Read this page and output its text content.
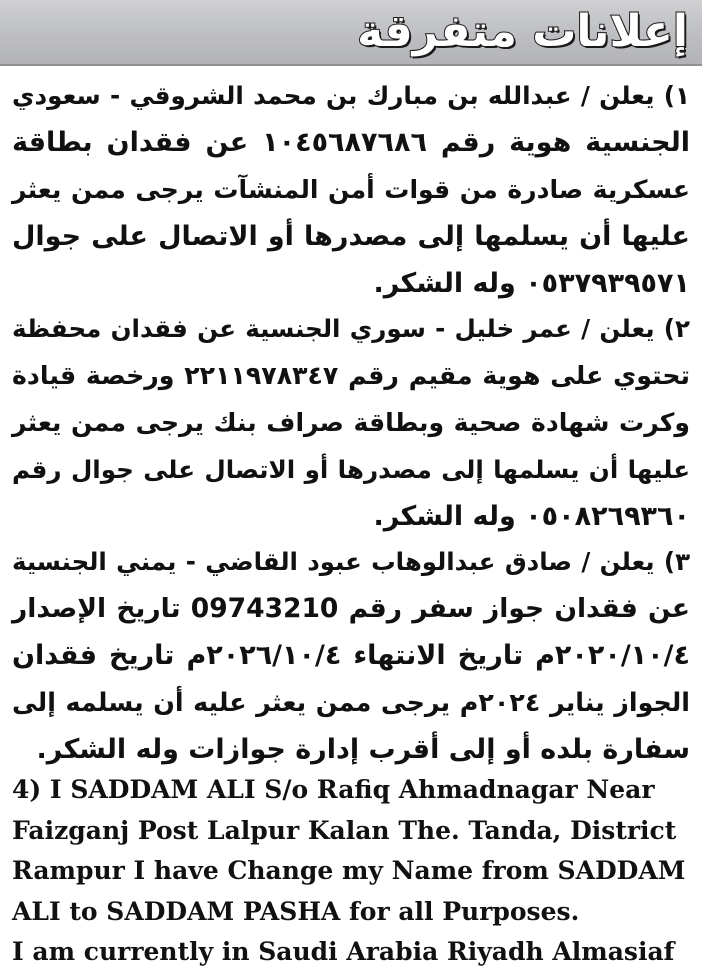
إعلانات متفرقة
١) يعلن / عبدالله بن مبارك بن محمد الشروقي - سعودي
الجنسية هوية رقم ١٠٤٥٦٨٧٦٨٦ عن فقدان بطاقة
عسكرية صادرة من قوات أمن المنشآت يرجى ممن يعثر
عليها أن يسلمها إلى مصدرها أو الاتصال على جوال
٠٥٣٧٩٣٩٥٧١ وله الشكر.
٢) يعلن / عمر خليل - سوري الجنسية عن فقدان محفظة
تحتوي على هوية مقيم رقم ٢٢١١٩٧٨٣٤٧ ورخصة قيادة
وكرت شهادة صحية وبطاقة صراف بنك يرجى ممن يعثر
عليها أن يسلمها إلى مصدرها أو الاتصال على جوال رقم
٠٥٠٨٢٦٩٣٦٠ وله الشكر.
٣) يعلن / صادق عبدالوهاب عبود القاضي - يمني الجنسية
عن فقدان جواز سفر رقم 09743210 تاريخ الإصدار
٢٠٢٠/١٠/٤م تاريخ الانتهاء ٢٠٢٦/١٠/٤م تاريخ فقدان
الجواز يناير ٢٠٢٤م يرجى ممن يعثر عليه أن يسلمه إلى
سفارة بلده أو إلى أقرب إدارة جوازات وله الشكر.
4) I SADDAM ALI S/o Rafiq Ahmadnagar Near
Faizganj Post Lalpur Kalan The. Tanda, District
Rampur I have Change my Name from SADDAM
ALI to SADDAM PASHA for all Purposes.
I am currently in Saudi Arabia Riyadh Almasiaf
